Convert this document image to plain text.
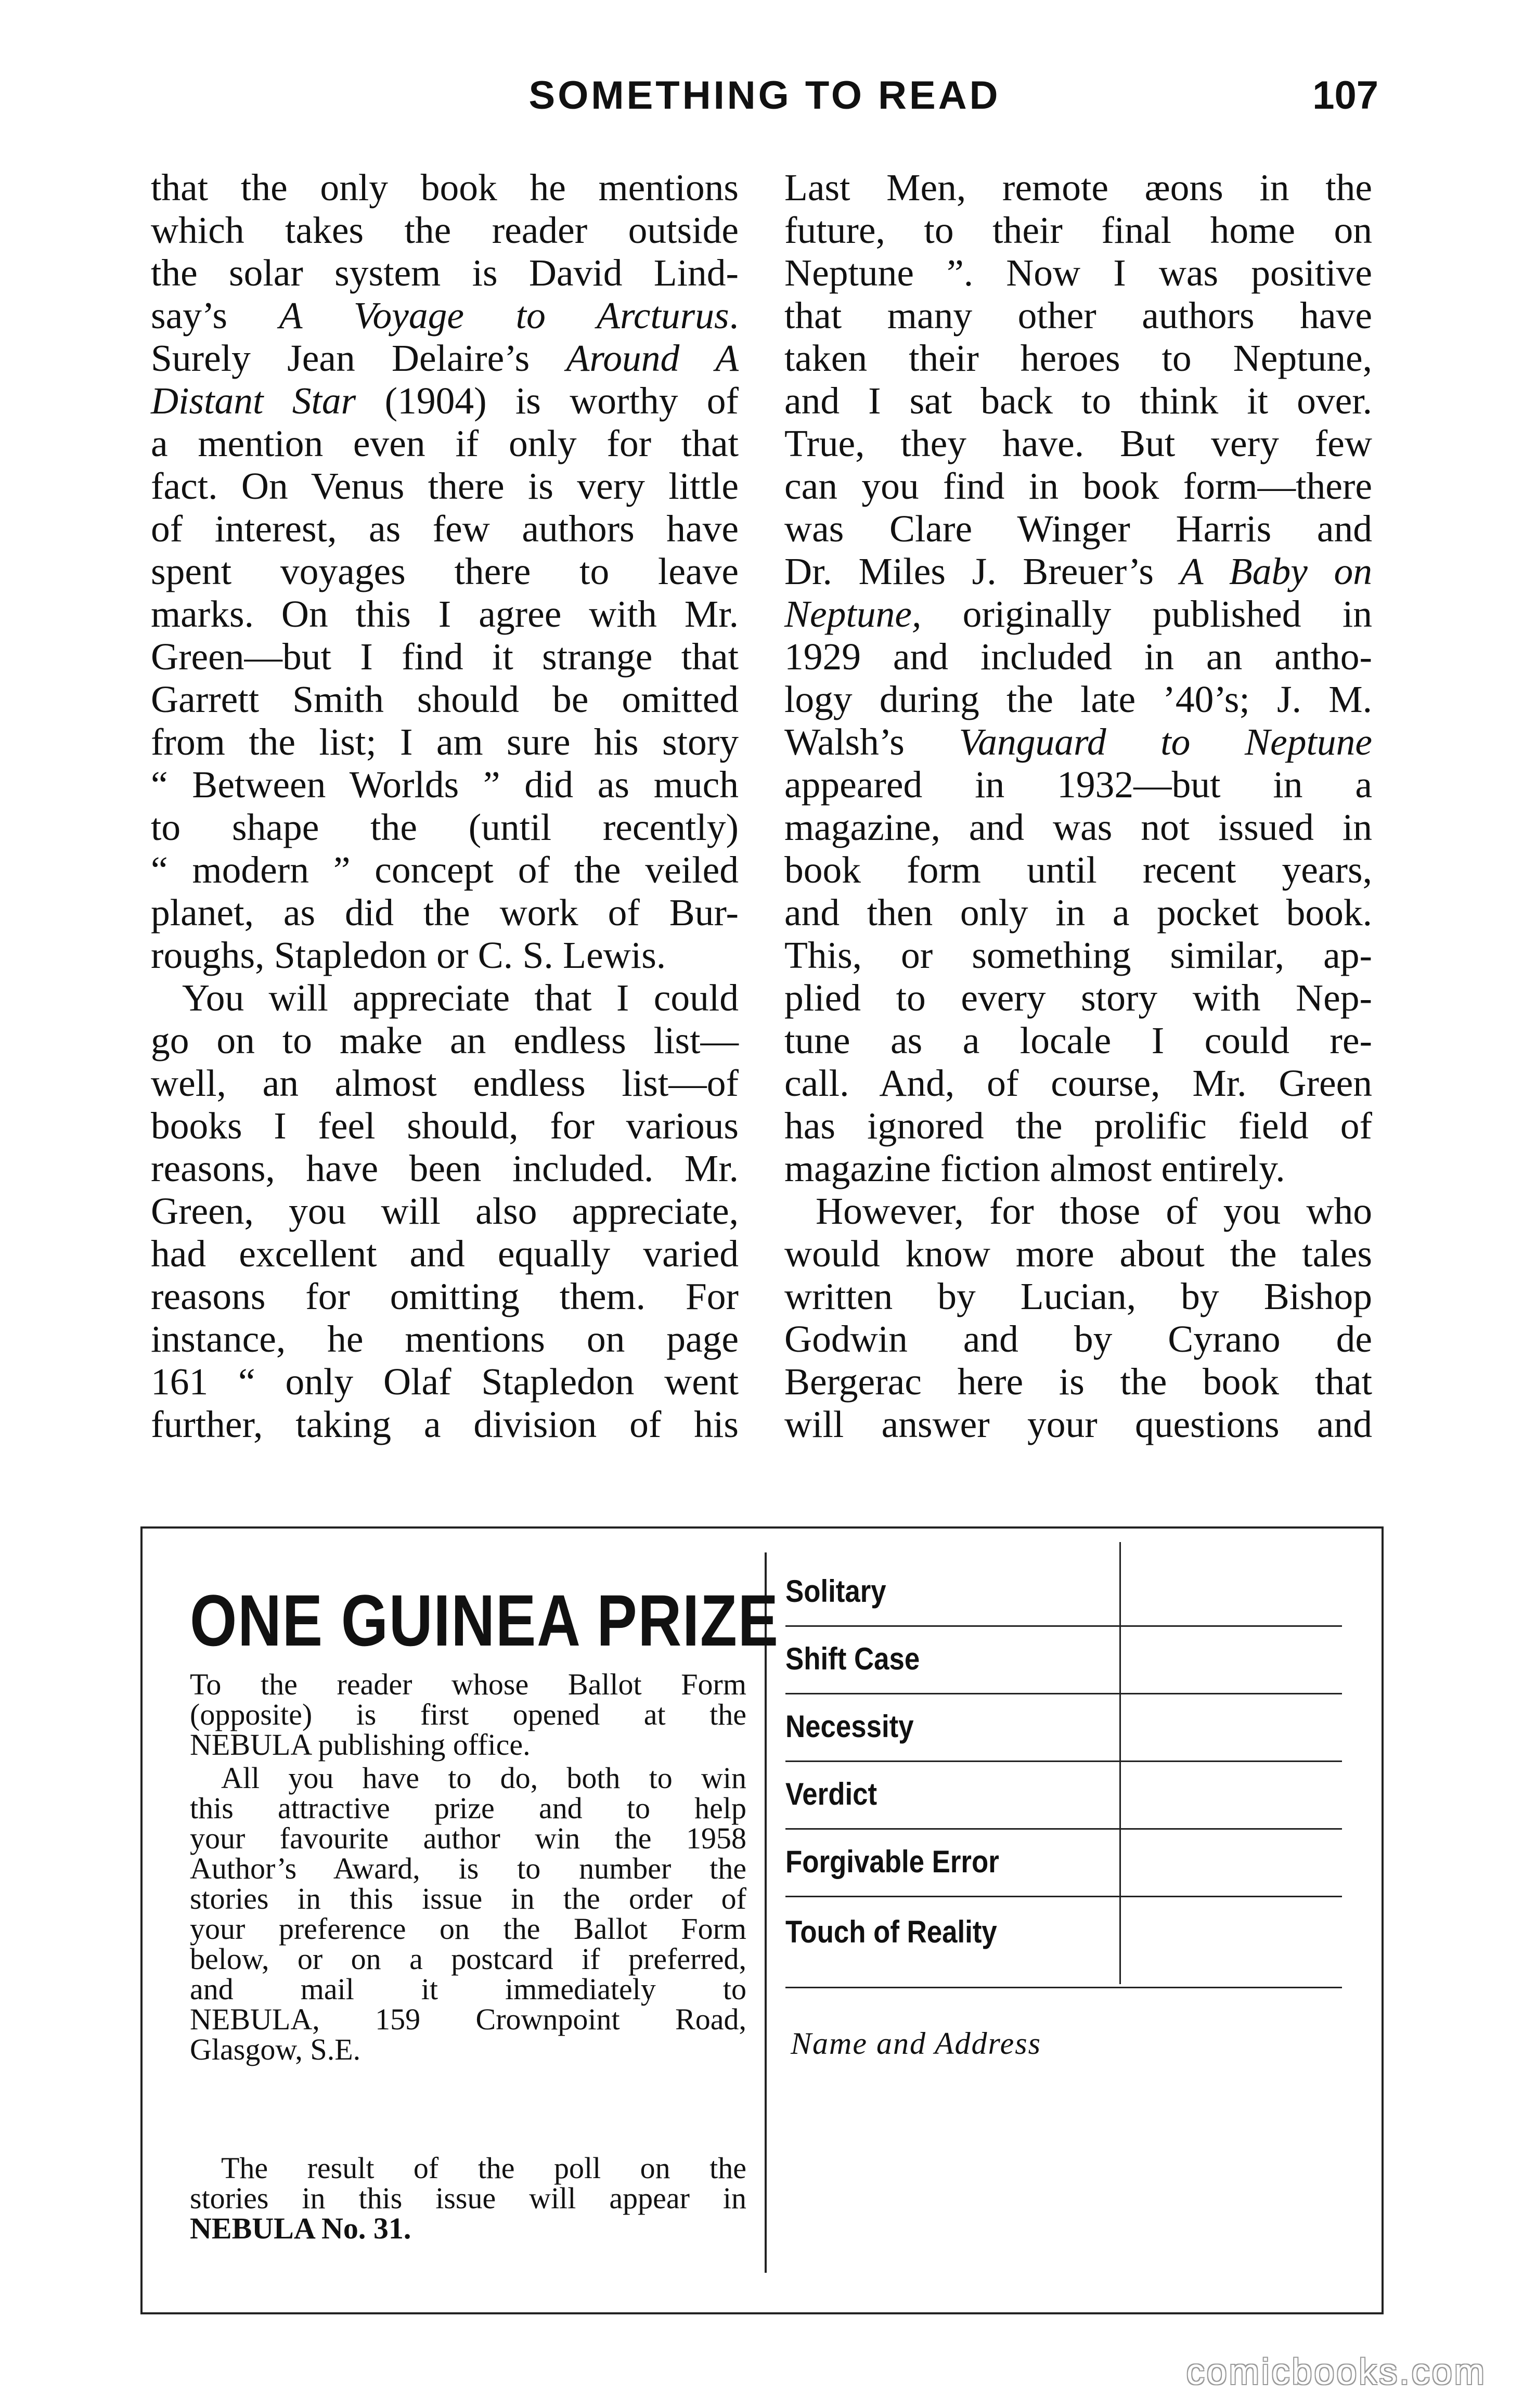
SOMETHING TO READ	107
that the only book he mentions
which takes the reader outside
the solar system is David Lind-
say’s A Voyage to Arcturus.
Surely Jean Delaire’s Around A
Distant Star (1904) is worthy of
a mention even if only for that
fact. On Venus there is very little
of interest, as few authors have
spent voyages there to leave
marks. On this I agree with Mr.
Green—but I find it strange that
Garrett Smith should be omitted
from the list; I am sure his story
“ Between Worlds ” did as much
to shape the (until recently)
“ modern ” concept of the veiled
planet, as did the work of Bur-
roughs, Stapledon or C. S. Lewis.
You will appreciate that I could
go on to make an endless list—
well, an almost endless list—of
books I feel should, for various
reasons, have been included. Mr.
Green, you will also appreciate,
had excellent and equally varied
reasons for omitting them. For
instance, he mentions on page
161 “ only Olaf Stapledon went
further, taking a division of his
Last Men, remote æons in the
future, to their final home on
Neptune ”. Now I was positive
that many other authors have
taken their heroes to Neptune,
and I sat back to think it over.
True, they have. But very few
can you find in book form—there
was Clare Winger Harris and
Dr. Miles J. Breuer’s A Baby on
Neptune, originally published in
1929 and included in an antho-
logy during the late ’40’s; J. M.
Walsh’s Vanguard to Neptune
appeared in 1932—but in a
magazine, and was not issued in
book form until recent years,
and then only in a pocket book.
This, or something similar, ap-
plied to every story with Nep-
tune as a locale I could re-
call. And, of course, Mr. Green
has ignored the prolific field of
magazine fiction almost entirely.
However, for those of you who
would know more about the tales
written by Lucian, by Bishop
Godwin and by Cyrano de
Bergerac here is the book that
will answer your questions and
ONE GUINEA PRIZE
To the reader whose Ballot Form
(opposite) is first opened at the
NEBULA publishing office.
All you have to do, both to win
this attractive prize and to help
your favourite author win the 1958
Author’s Award, is to number the
stories in this issue in the order of
your preference on the Ballot Form
below, or on a postcard if preferred,
and mail it immediately to
NEBULA, 159 Crownpoint Road,
Glasgow, S.E.
The result of the poll on the
stories in this issue will appear in
NEBULA No. 31.
Solitary
Shift Case
Necessity
Verdict
Forgivable Error
Touch of Reality
Name and Address
comicbooks.com
